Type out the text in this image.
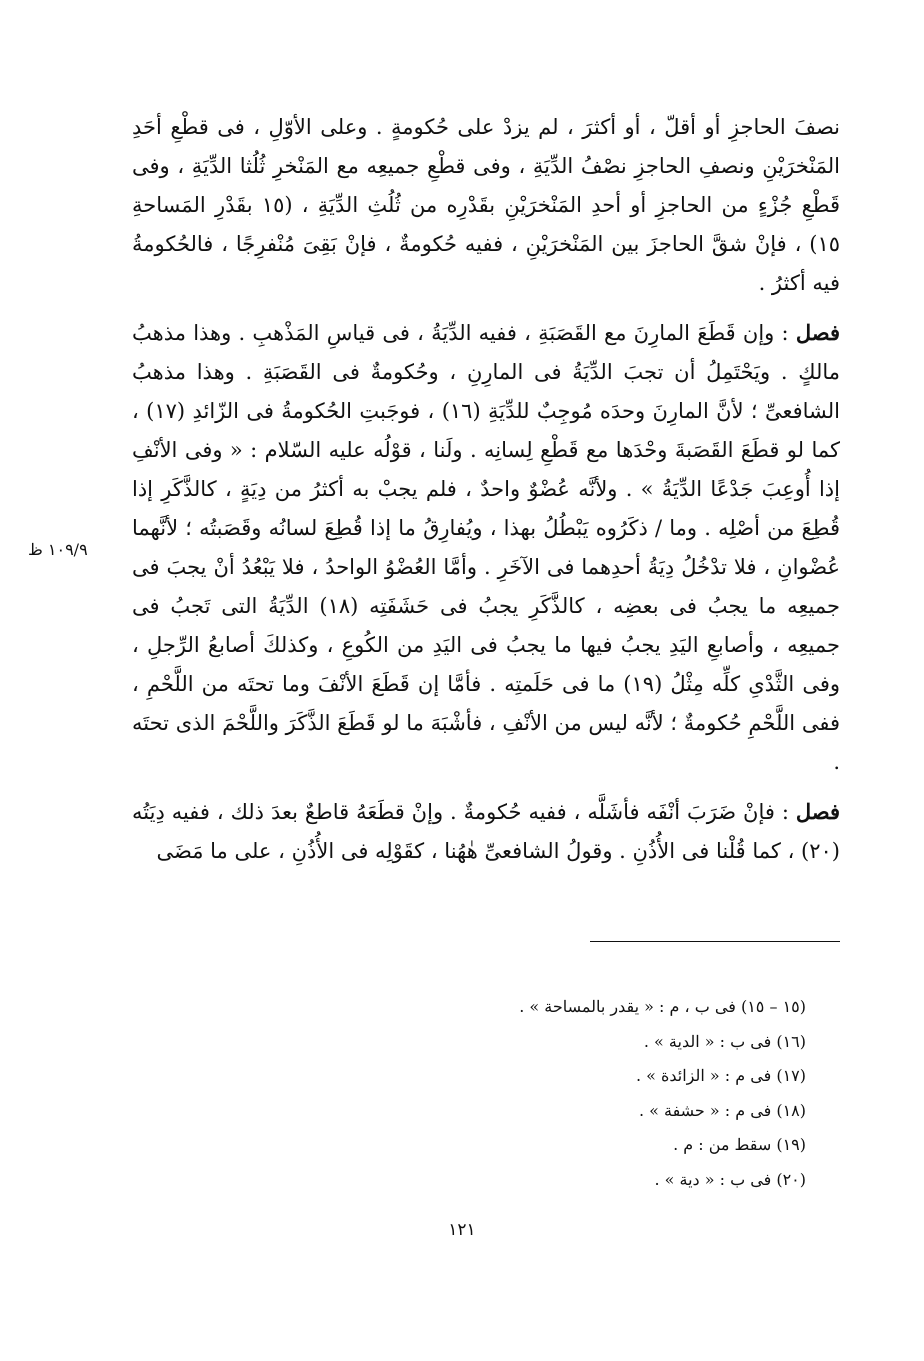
نصفَ الحاجزِ أو أقلّ ، أو أكثرَ ، لم يزدْ على حُكومةٍ . وعلى الأوّلِ ، فى قطْعِ أحَدِ المَنْخرَيْنِ ونصفِ الحاجزِ نصْفُ الدِّيَةِ ، وفى قطْعِ جميعِه مع المَنْخرِ ثُلُثا الدِّيَةِ ، وفى قَطْعِ جُزْءٍ من الحاجزِ أو أحدِ المَنْخرَيْنِ بقَدْرِه من ثُلُثِ الدِّيَةِ ، (١٥ بقَدْرِ المَساحةِ ١٥) ، فإنْ شقَّ الحاجزَ بين المَنْخرَيْنِ ، ففيه حُكومةٌ ، فإنْ بَقِىَ مُنْفرِجًا ، فالحُكومةُ فيه أكثرُ .

فصل : وإن قَطَعَ المارِنَ مع القَصَبَةِ ، ففيه الدِّيَةُ ، فى قياسِ المَذْهبِ . وهذا مذهبُ مالكٍ . ويَحْتَمِلُ أن تجبَ الدِّيَةُ فى المارِنِ ، وحُكومةٌ فى القَصَبَةِ . وهذا مذهبُ الشافعىِّ ؛ لأنَّ المارِنَ وحدَه مُوجِبٌ للدِّيَةِ (١٦) ، فوجَبتِ الحُكومةُ فى الزّائدِ (١٧) ، كما لو قطَعَ القَصَبةَ وحْدَها مع قَطْعِ لِسانِه . ولَنا ، قوْلُه عليه السّلام : « وفى الأنْفِ إذا أُوعِبَ جَدْعًا الدِّيَةُ » . ولأنَّه عُضْوٌ واحدٌ ، فلم يجبْ به أكثرُ من دِيَةٍ ، كالذَّكَرِ إذا قُطِعَ من أصْلِه . وما / ذكَرُوه يَبْطُلُ بهذا ، ويُفارِقُ ما إذا قُطِعَ لسانُه وقَصَبتُه ؛ لأنَّهما عُضْوانِ ، فلا تدْخُلُ دِيَةُ أحدِهما فى الآخَرِ . وأمَّا العُضْوُ الواحدُ ، فلا يَبْعُدُ أنْ يجبَ فى جميعِه ما يجبُ فى بعضِه ، كالذَّكَرِ يجبُ فى حَشَفَتِه (١٨) الدِّيَةُ التى تَجبُ فى جميعِه ، وأصابعِ اليَدِ يجبُ فيها ما يجبُ فى اليَدِ من الكُوعِ ، وكذلكَ أصابعُ الرِّجلِ ، وفى الثَّدْىِ كلِّه مِثْلُ (١٩) ما فى حَلَمتِه . فأمَّا إن قَطَعَ الأنْفَ وما تحتَه من اللَّحْمِ ، ففى اللَّحْمِ حُكومةٌ ؛ لأنَّه ليس من الأنْفِ ، فأشْبَهَ ما لو قَطَعَ الذَّكَرَ واللَّحْمَ الذى تحتَه .

فصل : فإنْ ضَرَبَ أنْفَه فأشَلَّه ، ففيه حُكومةٌ . وإنْ قطَعَهُ قاطعٌ بعدَ ذلك ، ففيه دِيَتُه (٢٠) ، كما قُلْنا فى الأُذُنِ . وقولُ الشافعىِّ هٰهُنا ، كقَوْلِه فى الأُذُنِ ، على ما مَضَى

١٠٩/٩ ظ

(١٥ – ١٥) فى ب ، م : « يقدر بالمساحة » .

(١٦) فى ب : « الدية » .

(١٧) فى م : « الزائدة » .

(١٨) فى م : « حشفة » .

(١٩) سقط من : م .

(٢٠) فى ب : « دية » .

١٢١
